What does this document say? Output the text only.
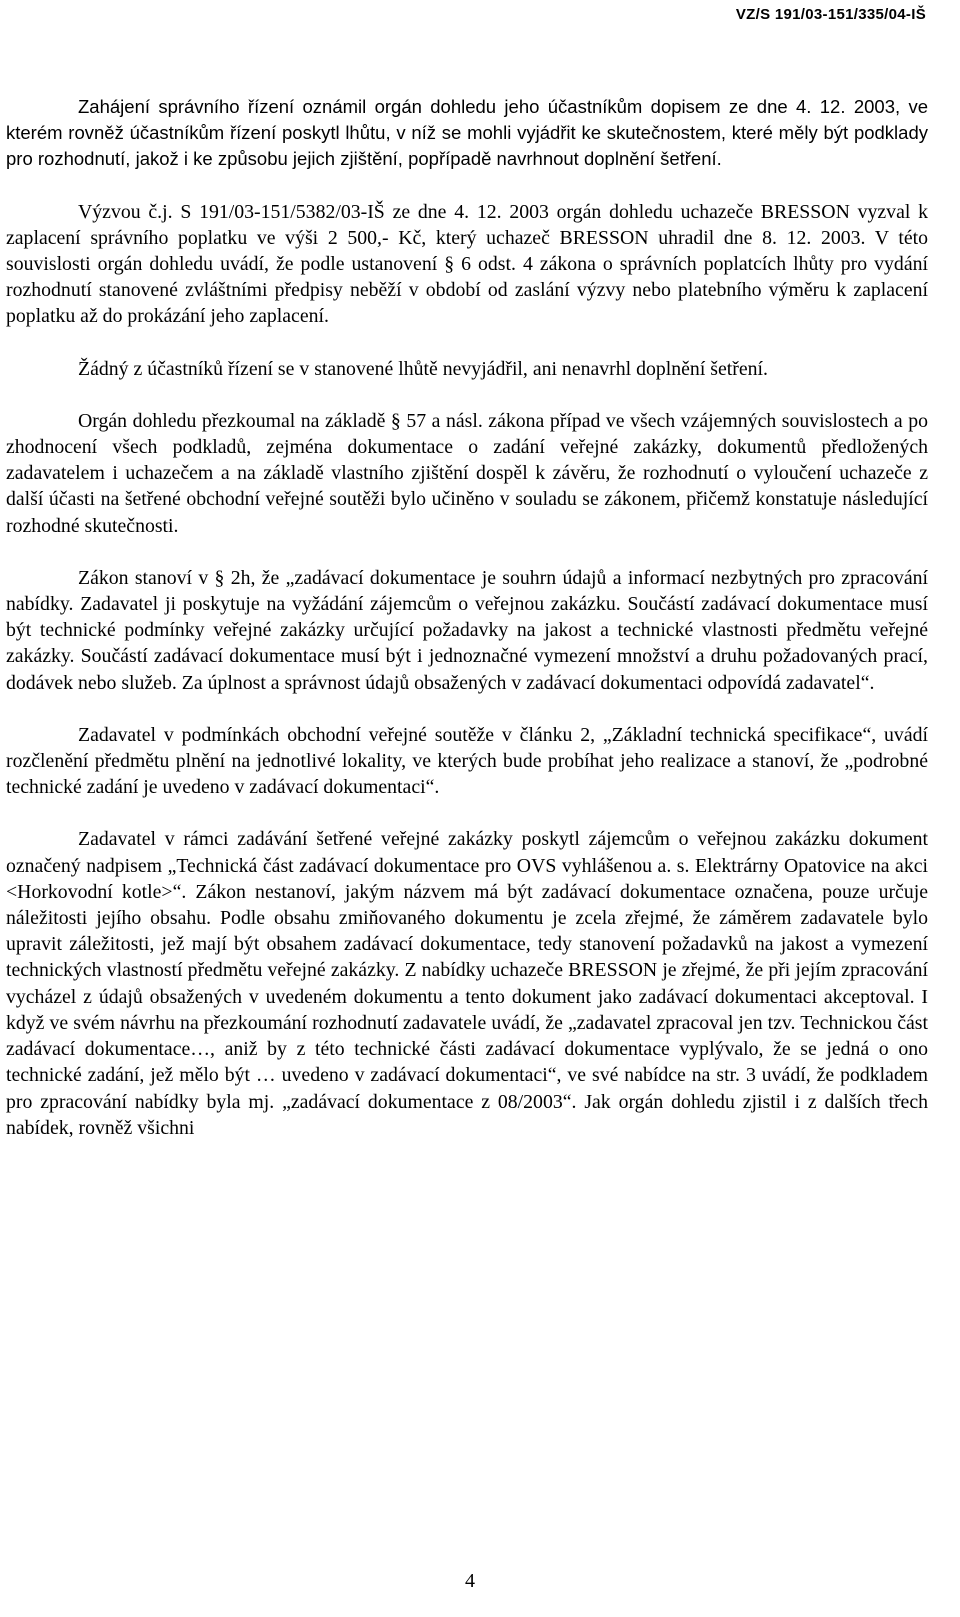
VZ/S 191/03-151/335/04-IŠ

Zahájení správního řízení oznámil orgán dohledu jeho účastníkům dopisem ze dne 4. 12. 2003, ve kterém rovněž účastníkům řízení poskytl lhůtu, v níž se mohli vyjádřit ke skutečnostem, které měly být podklady pro rozhodnutí, jakož i ke způsobu jejich zjištění, popřípadě navrhnout doplnění šetření.

Výzvou č.j. S 191/03-151/5382/03-IŠ ze dne 4. 12. 2003 orgán dohledu uchazeče BRESSON vyzval k zaplacení správního poplatku ve výši 2 500,- Kč, který uchazeč BRESSON uhradil dne 8. 12. 2003. V této souvislosti orgán dohledu uvádí, že podle ustanovení § 6 odst. 4 zákona o správních poplatcích lhůty pro vydání rozhodnutí stanovené zvláštními předpisy neběží v období od zaslání výzvy nebo platebního výměru k zaplacení poplatku až do prokázání jeho zaplacení.

Žádný z účastníků řízení se v stanovené lhůtě nevyjádřil, ani nenavrhl doplnění šetření.

Orgán dohledu přezkoumal na základě § 57 a násl. zákona případ ve všech vzájemných souvislostech a po zhodnocení všech podkladů, zejména dokumentace o zadání veřejné zakázky, dokumentů předložených zadavatelem i uchazečem a na základě vlastního zjištění dospěl k závěru, že rozhodnutí o vyloučení uchazeče z další účasti na šetřené obchodní veřejné soutěži bylo učiněno v souladu se zákonem, přičemž konstatuje následující rozhodné skutečnosti.

Zákon stanoví v § 2h, že „zadávací dokumentace je souhrn údajů a informací nezbytných pro zpracování nabídky. Zadavatel ji poskytuje na vyžádání zájemcům o veřejnou zakázku. Součástí zadávací dokumentace musí být technické podmínky veřejné zakázky určující požadavky na jakost a technické vlastnosti předmětu veřejné zakázky. Součástí zadávací dokumentace musí být i jednoznačné vymezení množství a druhu požadovaných prací, dodávek nebo služeb. Za úplnost a správnost údajů obsažených v zadávací dokumentaci odpovídá zadavatel“.

Zadavatel v podmínkách obchodní veřejné soutěže v článku 2, „Základní technická specifikace“, uvádí rozčlenění předmětu plnění na jednotlivé lokality, ve kterých bude probíhat jeho realizace a stanoví, že „podrobné technické zadání je uvedeno v zadávací dokumentaci“.

Zadavatel v rámci zadávání šetřené veřejné zakázky poskytl zájemcům o veřejnou zakázku dokument označený nadpisem „Technická část zadávací dokumentace pro OVS vyhlášenou a. s. Elektrárny Opatovice na akci <Horkovodní kotle>“. Zákon nestanoví, jakým názvem má být zadávací dokumentace označena, pouze určuje náležitosti jejího obsahu. Podle obsahu zmiňovaného dokumentu je zcela zřejmé, že záměrem zadavatele bylo upravit záležitosti, jež mají být obsahem zadávací dokumentace, tedy stanovení požadavků na jakost a vymezení technických vlastností předmětu veřejné zakázky. Z nabídky uchazeče BRESSON je zřejmé, že při jejím zpracování vycházel z údajů obsažených v uvedeném dokumentu a tento dokument jako zadávací dokumentaci akceptoval. I když ve svém návrhu na přezkoumání rozhodnutí zadavatele uvádí, že „zadavatel zpracoval jen tzv. Technickou část zadávací dokumentace…, aniž by z této technické části zadávací dokumentace vyplývalo, že se jedná o ono technické zadání, jež mělo být … uvedeno v zadávací dokumentaci“, ve své nabídce na str. 3 uvádí, že podkladem pro zpracování nabídky byla mj. „zadávací dokumentace z 08/2003“. Jak orgán dohledu zjistil i z dalších třech nabídek, rovněž všichni

4
